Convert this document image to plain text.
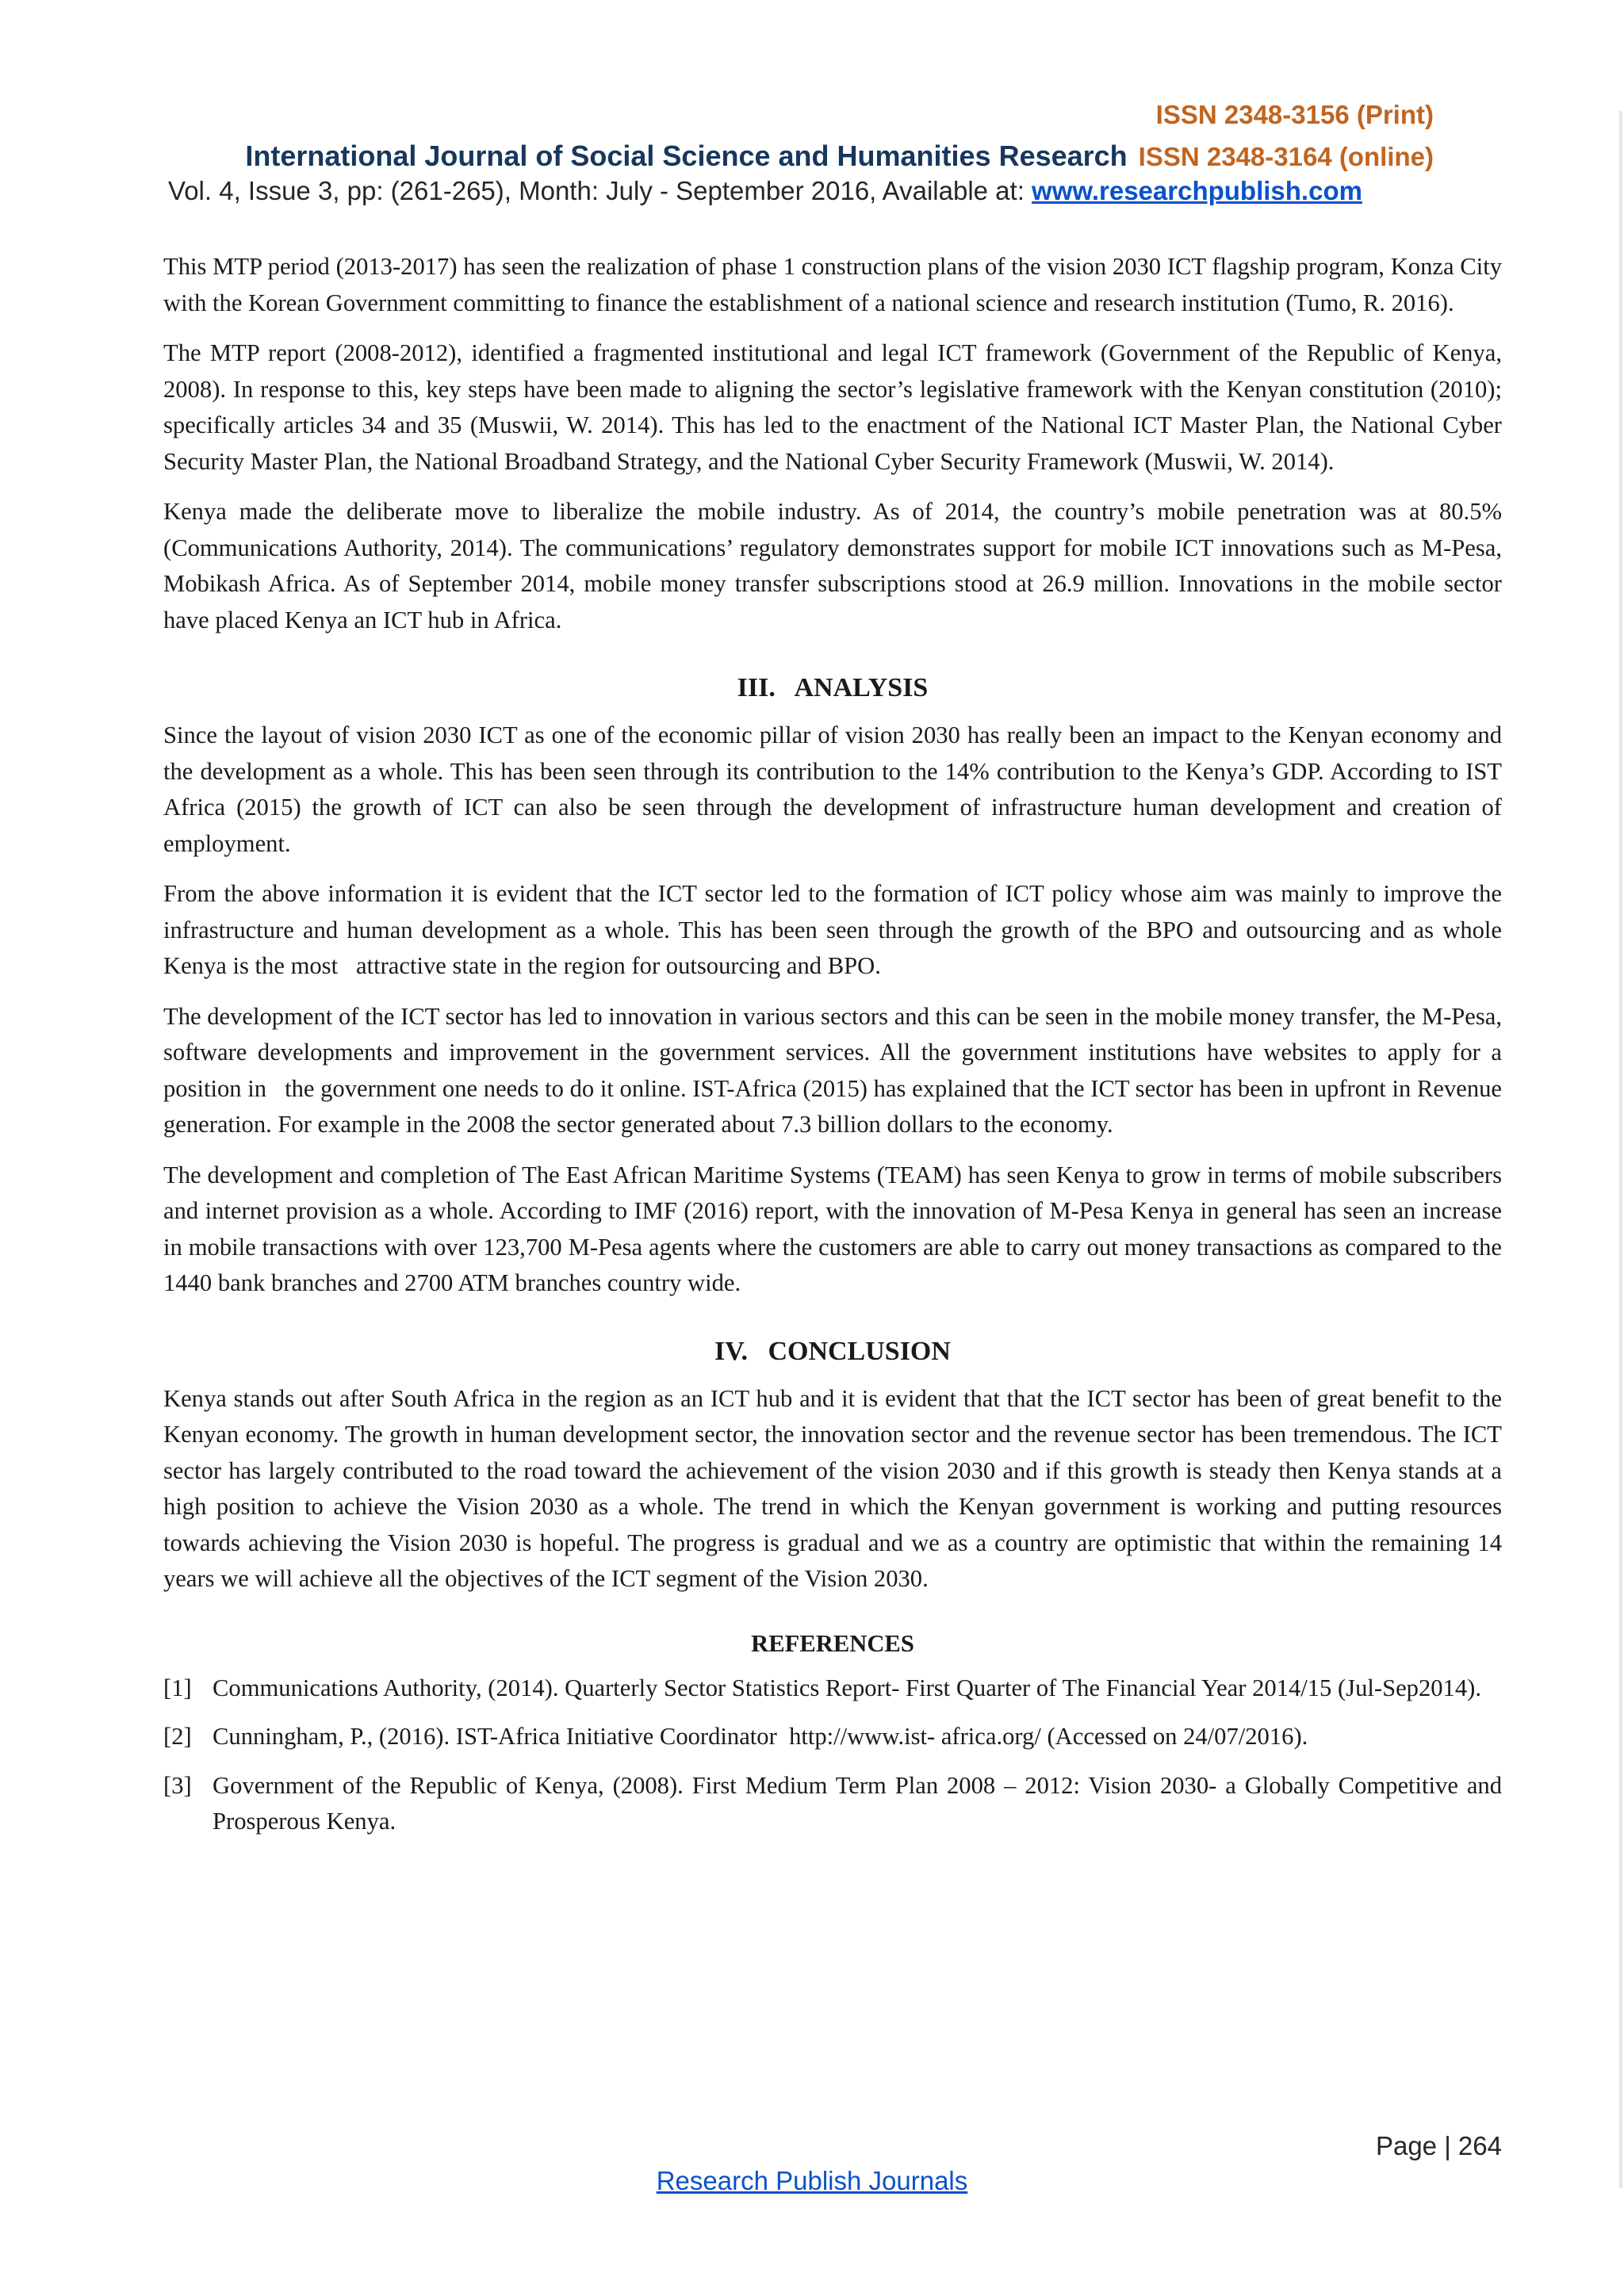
ISSN 2348-3156 (Print)
International Journal of Social Science and Humanities Research ISSN 2348-3164 (online)
Vol. 4, Issue 3, pp: (261-265), Month: July - September 2016, Available at: www.researchpublish.com

This MTP period (2013-2017) has seen the realization of phase 1 construction plans of the vision 2030 ICT flagship program, Konza City with the Korean Government committing to finance the establishment of a national science and research institution (Tumo, R. 2016).

The MTP report (2008-2012), identified a fragmented institutional and legal ICT framework (Government of the Republic of Kenya, 2008). In response to this, key steps have been made to aligning the sector’s legislative framework with the Kenyan constitution (2010); specifically articles 34 and 35 (Muswii, W. 2014). This has led to the enactment of the National ICT Master Plan, the National Cyber Security Master Plan, the National Broadband Strategy, and the National Cyber Security Framework (Muswii, W. 2014).

Kenya made the deliberate move to liberalize the mobile industry. As of 2014, the country’s mobile penetration was at 80.5% (Communications Authority, 2014). The communications’ regulatory demonstrates support for mobile ICT innovations such as M-Pesa, Mobikash Africa. As of September 2014, mobile money transfer subscriptions stood at 26.9 million. Innovations in the mobile sector have placed Kenya an ICT hub in Africa.

III.   ANALYSIS

Since the layout of vision 2030 ICT as one of the economic pillar of vision 2030 has really been an impact to the Kenyan economy and the development as a whole. This has been seen through its contribution to the 14% contribution to the Kenya’s GDP. According to IST Africa (2015) the growth of ICT can also be seen through the development of infrastructure human development and creation of employment.

From the above information it is evident that the ICT sector led to the formation of ICT policy whose aim was mainly to improve the infrastructure and human development as a whole. This has been seen through the growth of the BPO and outsourcing and as whole Kenya is the most   attractive state in the region for outsourcing and BPO.

The development of the ICT sector has led to innovation in various sectors and this can be seen in the mobile money transfer, the M-Pesa, software developments and improvement in the government services. All the government institutions have websites to apply for a position in   the government one needs to do it online. IST-Africa (2015) has explained that the ICT sector has been in upfront in Revenue generation. For example in the 2008 the sector generated about 7.3 billion dollars to the economy.

The development and completion of The East African Maritime Systems (TEAM) has seen Kenya to grow in terms of mobile subscribers and internet provision as a whole. According to IMF (2016) report, with the innovation of M-Pesa Kenya in general has seen an increase in mobile transactions with over 123,700 M-Pesa agents where the customers are able to carry out money transactions as compared to the 1440 bank branches and 2700 ATM branches country wide.

IV.   CONCLUSION

Kenya stands out after South Africa in the region as an ICT hub and it is evident that that the ICT sector has been of great benefit to the Kenyan economy. The growth in human development sector, the innovation sector and the revenue sector has been tremendous. The ICT sector has largely contributed to the road toward the achievement of the vision 2030 and if this growth is steady then Kenya stands at a high position to achieve the Vision 2030 as a whole. The trend in which the Kenyan government is working and putting resources towards achieving the Vision 2030 is hopeful. The progress is gradual and we as a country are optimistic that within the remaining 14 years we will achieve all the objectives of the ICT segment of the Vision 2030.

REFERENCES
[1] Communications Authority, (2014). Quarterly Sector Statistics Report- First Quarter of The Financial Year 2014/15 (Jul-Sep2014).
[2] Cunningham, P., (2016). IST-Africa Initiative Coordinator  http://www.ist- africa.org/ (Accessed on 24/07/2016).
[3] Government of the Republic of Kenya, (2008). First Medium Term Plan 2008 – 2012: Vision 2030- a Globally Competitive and Prosperous Kenya.
Page | 264
Research Publish Journals
